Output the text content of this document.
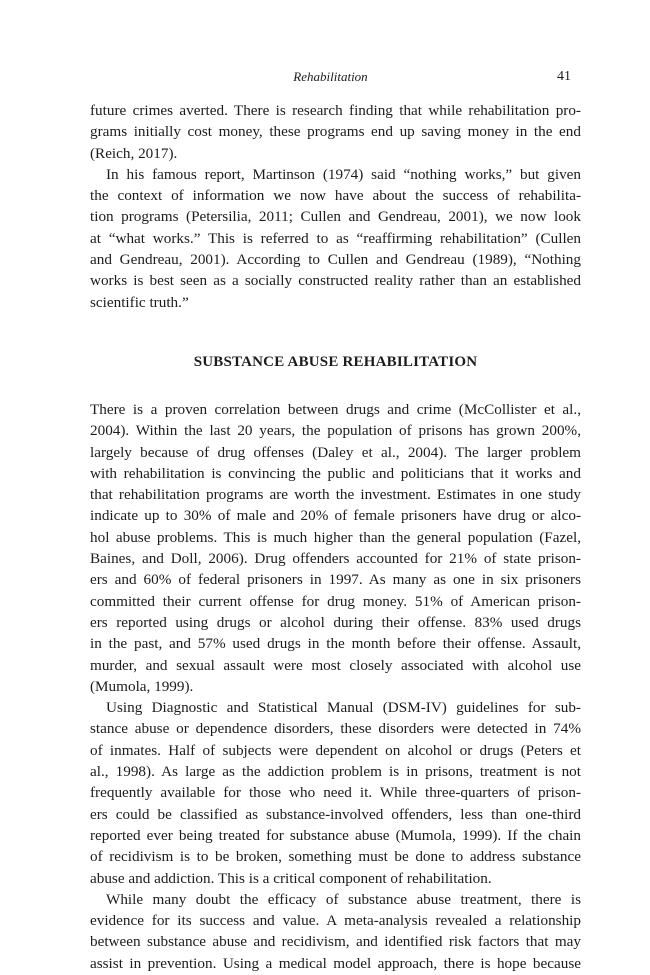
Rehabilitation	41
future crimes averted. There is research finding that while rehabilitation pro-
grams initially cost money, these programs end up saving money in the end
(Reich, 2017).
In his famous report, Martinson (1974) said “nothing works,” but given
the context of information we now have about the success of rehabilita-
tion programs (Petersilia, 2011; Cullen and Gendreau, 2001), we now look
at “what works.” This is referred to as “reaffirming rehabilitation” (Cullen
and Gendreau, 2001). According to Cullen and Gendreau (1989), “Nothing
works is best seen as a socially constructed reality rather than an established
scientific truth.”
SUBSTANCE ABUSE REHABILITATION
There is a proven correlation between drugs and crime (McCollister et al.,
2004). Within the last 20 years, the population of prisons has grown 200%,
largely because of drug offenses (Daley et al., 2004). The larger problem
with rehabilitation is convincing the public and politicians that it works and
that rehabilitation programs are worth the investment. Estimates in one study
indicate up to 30% of male and 20% of female prisoners have drug or alco-
hol abuse problems. This is much higher than the general population (Fazel,
Baines, and Doll, 2006). Drug offenders accounted for 21% of state prison-
ers and 60% of federal prisoners in 1997. As many as one in six prisoners
committed their current offense for drug money. 51% of American prison-
ers reported using drugs or alcohol during their offense. 83% used drugs
in the past, and 57% used drugs in the month before their offense. Assault,
murder, and sexual assault were most closely associated with alcohol use
(Mumola, 1999).
Using Diagnostic and Statistical Manual (DSM-IV) guidelines for sub-
stance abuse or dependence disorders, these disorders were detected in 74%
of inmates. Half of subjects were dependent on alcohol or drugs (Peters et
al., 1998). As large as the addiction problem is in prisons, treatment is not
frequently available for those who need it. While three-quarters of prison-
ers could be classified as substance-involved offenders, less than one-third
reported ever being treated for substance abuse (Mumola, 1999). If the chain
of recidivism is to be broken, something must be done to address substance
abuse and addiction. This is a critical component of rehabilitation.
While many doubt the efficacy of substance abuse treatment, there is
evidence for its success and value. A meta-analysis revealed a relationship
between substance abuse and recidivism, and identified risk factors that may
assist in prevention. Using a medical model approach, there is hope because
